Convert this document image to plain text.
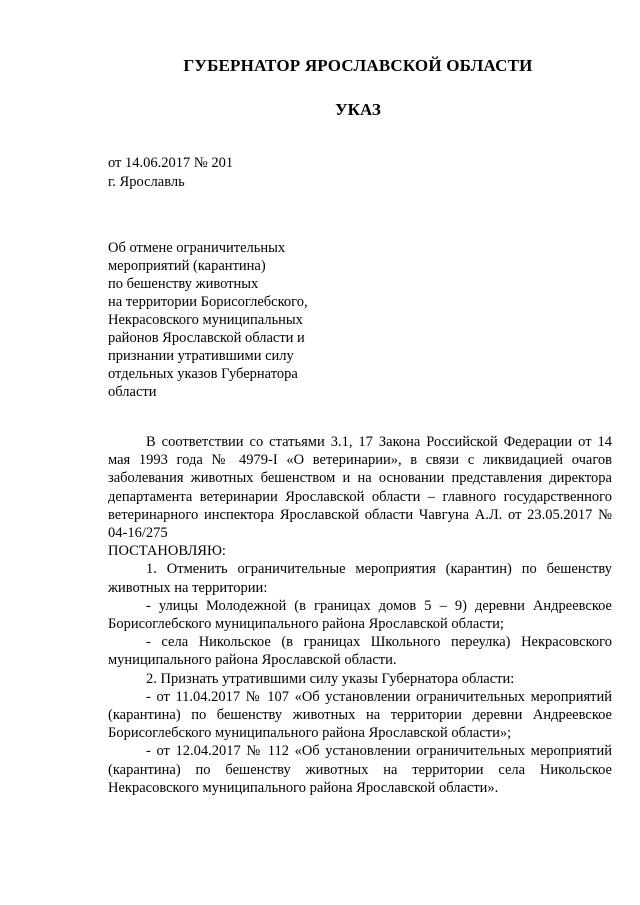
ГУБЕРНАТОР ЯРОСЛАВСКОЙ ОБЛАСТИ
УКАЗ
от 14.06.2017 № 201
г. Ярославль
Об отмене ограничительных
мероприятий (карантина)
по бешенству животных
на территории Борисоглебского,
Некрасовского муниципальных
районов Ярославской области и
признании утратившими силу
отдельных указов Губернатора
области

В соответствии со статьями 3.1, 17 Закона Российской Федерации от 14 мая 1993 года № 4979-I «О ветеринарии», в связи с ликвидацией очагов заболевания животных бешенством и на основании представления директора департамента ветеринарии Ярославской области – главного государственного ветеринарного инспектора Ярославской области Чавгуна А.Л. от 23.05.2017 № 04-16/275

ПОСТАНОВЛЯЮ:

1. Отменить ограничительные мероприятия (карантин) по бешенству животных на территории:

- улицы Молодежной (в границах домов 5 – 9) деревни Андреевское Борисоглебского муниципального района Ярославской области;

- села Никольское (в границах Школьного переулка) Некрасовского муниципального района Ярославской области.

2. Признать утратившими силу указы Губернатора области:

- от 11.04.2017 № 107 «Об установлении ограничительных мероприятий (карантина) по бешенству животных на территории деревни Андреевское Борисоглебского муниципального района Ярославской области»;

- от 12.04.2017 № 112 «Об установлении ограничительных мероприятий (карантина) по бешенству животных на территории села Никольское Некрасовского муниципального района Ярославской области».
